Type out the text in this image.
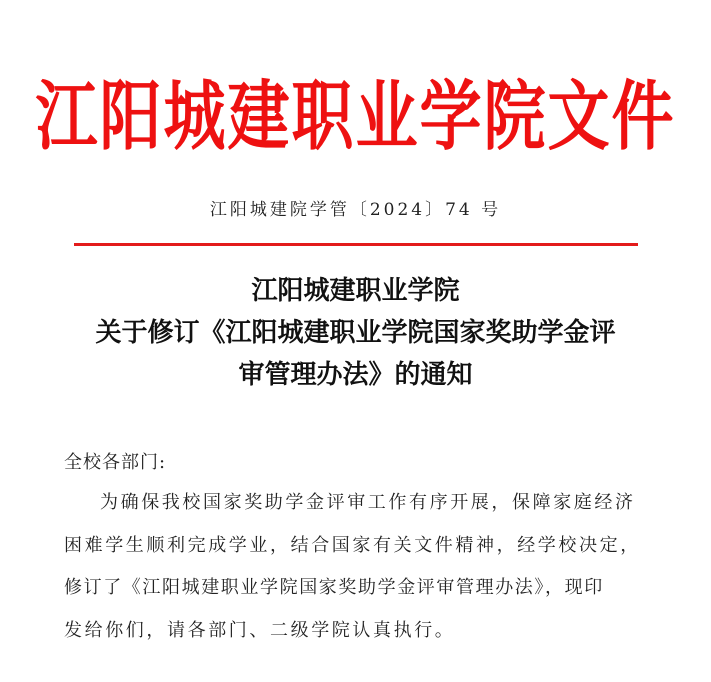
江阳城建职业学院文件
江阳城建院学管〔2024〕74 号
江阳城建职业学院
关于修订《江阳城建职业学院国家奖助学金评
审管理办法》的通知
全校各部门:
为确保我校国家奖助学金评审工作有序开展，保障家庭经济
困难学生顺利完成学业，结合国家有关文件精神，经学校决定，
修订了《江阳城建职业学院国家奖助学金评审管理办法》，现印
发给你们，请各部门、二级学院认真执行。
